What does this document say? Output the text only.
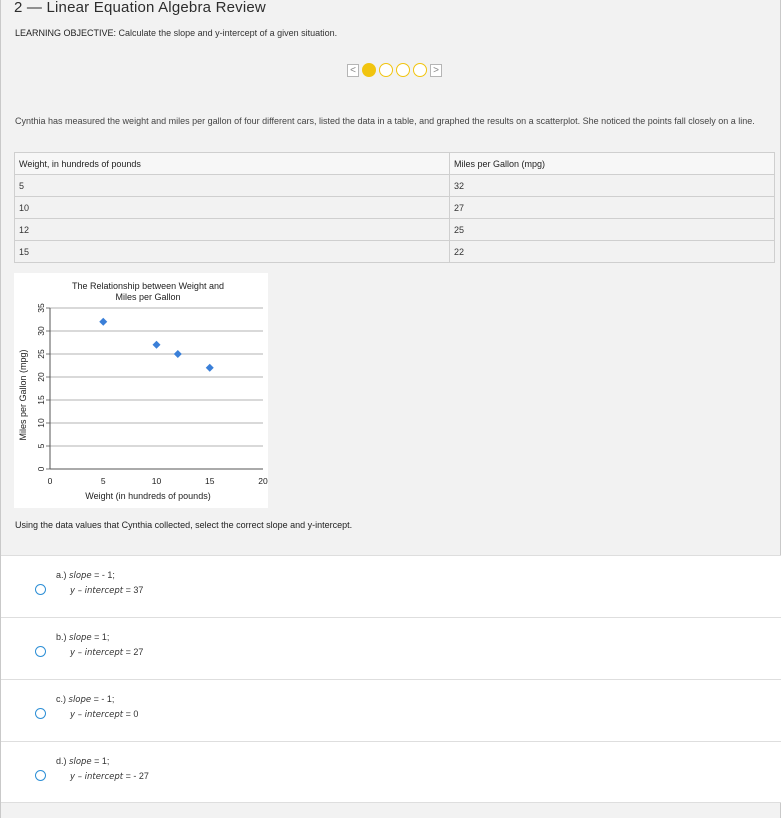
2 — Linear Equation Algebra Review
LEARNING OBJECTIVE: Calculate the slope and y-intercept of a given situation.
<	>
Cynthia has measured the weight and miles per gallon of four different cars, listed the data in a table, and graphed the results on a scatterplot. She noticed the points fall closely on a line.
Weight, in hundreds of pounds	Miles per Gallon (mpg)
5	32
10	27
12	25
15	22
The Relationship between Weight and
Miles per Gallon
0
5
10
15
20
25
30
35
0	5	10	15	20
Weight (in hundreds of pounds)
Miles per Gallon (mpg)
Using the data values that Cynthia collected, select the correct slope and y-intercept.
a.) slope = - 1;
y – intercept = 37
b.) slope = 1;
y – intercept = 27
c.) slope = - 1;
y – intercept = 0
d.) slope = 1;
y – intercept = - 27
